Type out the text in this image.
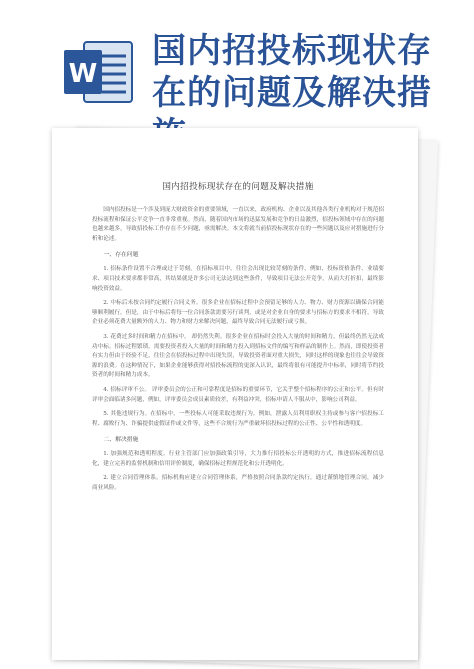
W
国内招投标现状存在的问题及解决措
国内招投标现状存在的问题及解决措施

国内招投标是一个涉及到庞大财政资金的重要领域，一直以来，政府机构、企业以及其他各类行业机构对于规范招投标流程和保证公平竞争一直非常重视。然而，随着国内市场的迅猛发展和竞争的日益激烈，招投标领域中存在的问题也越来越多，导致招投标工作存在不少问题，亟需解决。本文将就当前招投标现状存在的一些问题以及应对措施进行分析和论述。

一、存在问题

1. 招标条件设置不合理或过于苛刻。在招标项目中，往往会出现比较苛刻的条件，例如，投标资格条件、业绩要求、项目技术要求都非常高，其结果就是许多公司无法达到这些条件，导致项目无法公开竞争，从而大打折扣，最终影响投资效益。

2. 中标后未按合同约定履行合同义务。很多企业在招标过程中会预留足够的人力、物力、财力资源以确保合同能够顺利履行。但是，由于中标后将每一位合同条款需要另行谈判，或是对企业自身的要求与招标方的要求不相符，导致企业必须花费大量额外的人力、物力和财力来解决问题，最终导致合同无法履行或亏损。

3. 花费过多时间和精力在招标中。 却仍然失利。很多企业在招标时会投入大量的时间和精力，但最终仍然无法成功中标。招标过程繁琐，需要投资者投入大量的时间和精力投入到招标文件的编写和样品的制作上。然而，即使投资者有实力但由于经验不足，往往会在招投标过程中出现失误，导致投资者面对重大损失，同时这样的现象也往往会导致资源的浪费。在这种情况下，如果企业能够获得对招投标流程的更深入认识，最终将很有可能提升中标率，同时将节约投资者的时间和精力成本。

4. 招标评审不公。 评审委员会的公正和可靠程度是招标的重要环节，它关乎整个招标程序的公正和公平。但有时评审会面临诸多问题，例如，评审委员会成员素质较差，有利益冲突，招标申请人不服从中，影响公司利益。

5. 其他违规行为。在招标中，一些投标人可能采取违规行为，例如，泄露人员利用职权主持或参与客户招投标工程、腐败行为、诈骗提供虚假证件或文件等，这些不合规行为严重破坏招投标过程的公正性、公平性和透明度。

二、解决措施

1. 加强规范和透明程度。行业主管部门应加强政策引导，大力推行招投标公开透明的方式，推进招标流程信息化，建立完善的监督机制和信用评价制度，确保招标过程规范化和公开透明化。

2. 建立合同管理体系。招标机构应建立合同管理体系，严格按照合同条款约定执行，通过谨慎地管理合同，减少商业风险。
